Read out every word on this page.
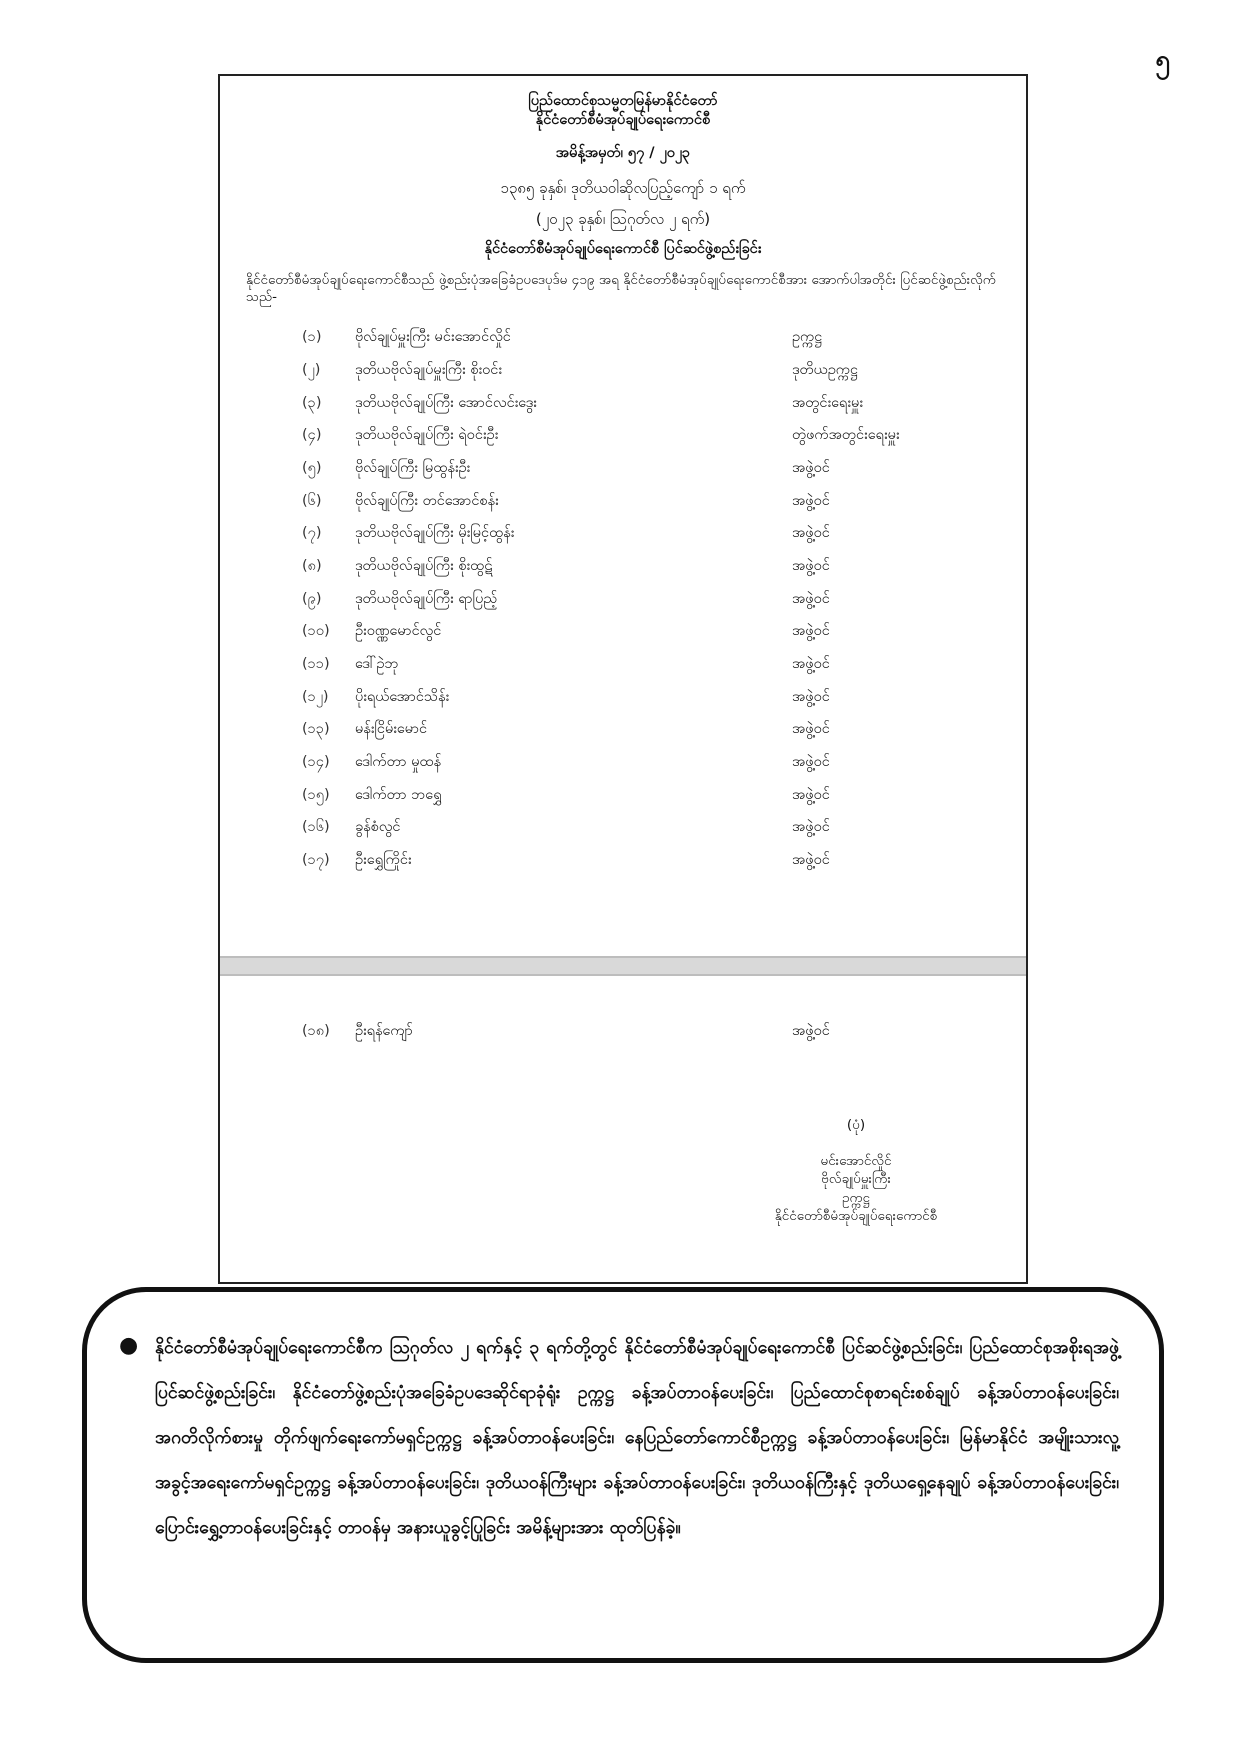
၅

ပြည်ထောင်စုသမ္မတမြန်မာနိုင်ငံတော်

နိုင်ငံတော်စီမံအုပ်ချုပ်ရေးကောင်စီ

အမိန့်အမှတ်၊ ၅၇ / ၂၀၂၃

၁၃၈၅ ခုနှစ်၊ ဒုတိယဝါဆိုလပြည့်ကျော် ၁ ရက်

(၂၀၂၃ ခုနှစ်၊ ဩဂုတ်လ ၂ ရက်)

နိုင်ငံတော်စီမံအုပ်ချုပ်ရေးကောင်စီ ပြင်ဆင်ဖွဲ့စည်းခြင်း

နိုင်ငံတော်စီမံအုပ်ချုပ်ရေးကောင်စီသည် ဖွဲ့စည်းပုံအခြေခံဥပဒေပုဒ်မ ၄၁၉ အရ နိုင်ငံတော်စီမံအုပ်ချုပ်ရေးကောင်စီအား အောက်ပါအတိုင်း ပြင်ဆင်ဖွဲ့စည်းလိုက်သည်-

(၁) ဗိုလ်ချုပ်မှူးကြီး မင်းအောင်လှိုင်	ဥက္ကဋ္ဌ
(၂) ဒုတိယဗိုလ်ချုပ်မှူးကြီး စိုးဝင်း	ဒုတိယဥက္ကဋ္ဌ
(၃) ဒုတိယဗိုလ်ချုပ်ကြီး အောင်လင်းဒွေး	အတွင်းရေးမှူး
(၄) ဒုတိယဗိုလ်ချုပ်ကြီး ရဲဝင်းဦး	တွဲဖက်အတွင်းရေးမှူး
(၅) ဗိုလ်ချုပ်ကြီး မြထွန်းဦး	အဖွဲ့ဝင်
(၆) ဗိုလ်ချုပ်ကြီး တင်အောင်စန်း	အဖွဲ့ဝင်
(၇) ဒုတိယဗိုလ်ချုပ်ကြီး မိုးမြင့်ထွန်း	အဖွဲ့ဝင်
(၈) ဒုတိယဗိုလ်ချုပ်ကြီး စိုးထွဋ်	အဖွဲ့ဝင်
(၉) ဒုတိယဗိုလ်ချုပ်ကြီး ရာပြည့်	အဖွဲ့ဝင်
(၁၀) ဦးဝဏ္ဏမောင်လွင်	အဖွဲ့ဝင်
(၁၁) ဒေါ်ဥဲဘု	အဖွဲ့ဝင်
(၁၂) ပိုးရယ်အောင်သိန်း	အဖွဲ့ဝင်
(၁၃) မန်းငြိမ်းမောင်	အဖွဲ့ဝင်
(၁၄) ဒေါက်တာ မှုထန်	အဖွဲ့ဝင်
(၁၅) ဒေါက်တာ ဘ‌ရွှေ	အဖွဲ့ဝင်
(၁၆) ခွန်စံလွင်	အဖွဲ့ဝင်
(၁၇) ဦးရွှေကြိုင်း	အဖွဲ့ဝင်
(၁၈) ဦးရန်ကျော်	အဖွဲ့ဝင်
(ပုံ)
မင်းအောင်လှိုင်
ဗိုလ်ချုပ်မှူးကြီး
ဥက္ကဋ္ဌ
နိုင်ငံတော်စီမံအုပ်ချုပ်ရေးကောင်စီ
● နိုင်ငံတော်စီမံအုပ်ချုပ်ရေးကောင်စီက ဩဂုတ်လ ၂ ရက်နှင့် ၃ ရက်တို့တွင် နိုင်ငံတော်စီမံအုပ်ချုပ်ရေးကောင်စီ ပြင်ဆင်ဖွဲ့စည်းခြင်း၊ ပြည်ထောင်စုအစိုးရအဖွဲ့ ပြင်ဆင်ဖွဲ့စည်းခြင်း၊ နိုင်ငံတော်ဖွဲ့စည်းပုံအခြေခံဥပဒေဆိုင်ရာခုံရုံး ဥက္ကဋ္ဌ ခန့်အပ်တာဝန်ပေးခြင်း၊ ပြည်ထောင်စုစာရင်းစစ်ချုပ် ခန့်အပ်တာဝန်ပေးခြင်း၊ အဂတိလိုက်စားမှု တိုက်ဖျက်ရေးကော်မရှင်ဥက္ကဋ္ဌ ခန့်အပ်တာဝန်ပေးခြင်း၊ နေပြည်တော်ကောင်စီဥက္ကဋ္ဌ ခန့်အပ်တာဝန်ပေးခြင်း၊ မြန်မာနိုင်ငံ အမျိုးသားလူ့အခွင့်အရေးကော်မရှင်ဥက္ကဋ္ဌ ခန့်အပ်တာဝန်ပေးခြင်း၊ ဒုတိယဝန်ကြီးများ ခန့်အပ်တာဝန်ပေးခြင်း၊ ဒုတိယဝန်ကြီးနှင့် ဒုတိယရှေ့နေချုပ် ခန့်အပ်တာဝန်ပေးခြင်း၊ ပြောင်းရွှေ့တာဝန်ပေးခြင်းနှင့် တာဝန်မှ အနားယူခွင့်ပြုခြင်း အမိန့်များအား ထုတ်ပြန်ခဲ့။
